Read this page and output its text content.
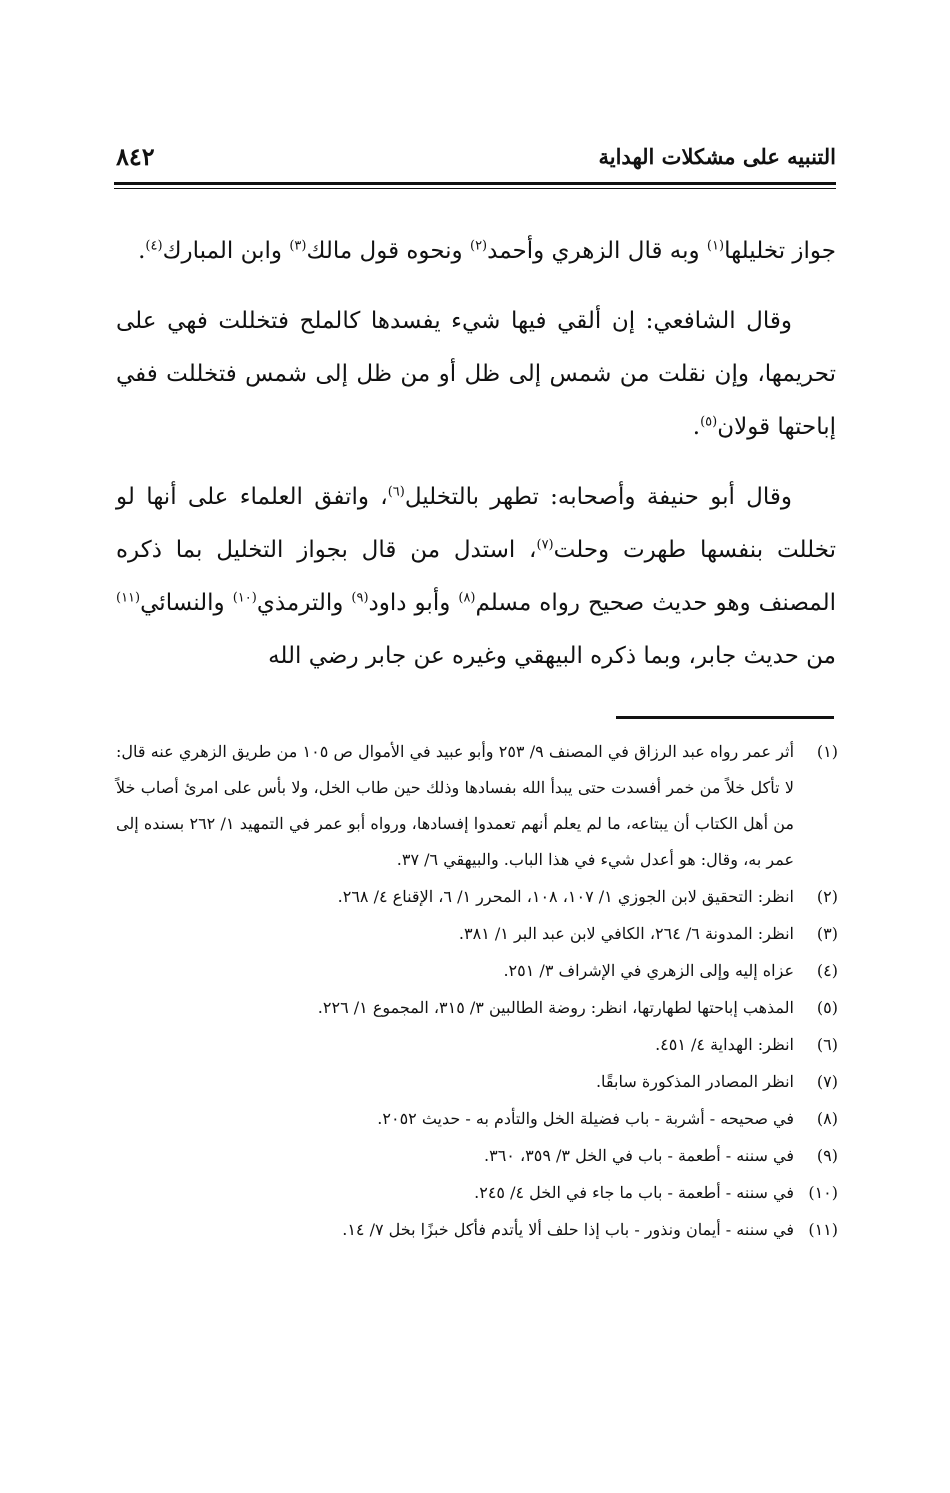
التنبيه على مشكلات الهداية
٨٤٢

جواز تخليلها$^{(١)}$ وبه قال الزهري وأحمد$^{(٢)}$ ونحوه قول مالك$^{(٣)}$ وابن المبارك$^{(٤)}$.

وقال الشافعي: إن ألقي فيها شيء يفسدها كالملح فتخللت فهي على تحريمها، وإن نقلت من شمس إلى ظل أو من ظل إلى شمس فتخللت ففي إباحتها قولان$^{(٥)}$.

وقال أبو حنيفة وأصحابه: تطهر بالتخليل$^{(٦)}$، واتفق العلماء على أنها لو تخللت بنفسها طهرت وحلت$^{(٧)}$، استدل من قال بجواز التخليل بما ذكره المصنف وهو حديث صحيح رواه مسلم$^{(٨)}$ وأبو داود$^{(٩)}$ والترمذي$^{(١٠)}$ والنسائي$^{(١١)}$ من حديث جابر، وبما ذكره البيهقي وغيره عن جابر رضي الله

(١)
أثر عمر رواه عبد الرزاق في المصنف ٩/ ٢٥٣ وأبو عبيد في الأموال ص ١٠٥ من طريق الزهري عنه قال: لا تأكل خلاً من خمر أفسدت حتى يبدأ الله بفسادها وذلك حين طاب الخل، ولا بأس على امرئ أصاب خلاً من أهل الكتاب أن يبتاعه، ما لم يعلم أنهم تعمدوا إفسادها، ورواه أبو عمر في التمهيد ١/ ٢٦٢ بسنده إلى عمر به، وقال: هو أعدل شيء في هذا الباب. والبيهقي ٦/ ٣٧.
(٢)
انظر: التحقيق لابن الجوزي ١/ ١٠٧، ١٠٨، المحرر ١/ ٦، الإقناع ٤/ ٢٦٨.
(٣)
انظر: المدونة ٦/ ٢٦٤، الكافي لابن عبد البر ١/ ٣٨١.
(٤)
عزاه إليه وإلى الزهري في الإشراف ٣/ ٢٥١.
(٥)
المذهب إباحتها لطهارتها، انظر: روضة الطالبين ٣/ ٣١٥، المجموع ١/ ٢٢٦.
(٦)
انظر: الهداية ٤/ ٤٥١.
(٧)
انظر المصادر المذكورة سابقًا.
(٨)
في صحيحه - أشربة - باب فضيلة الخل والتأدم به - حديث ٢٠٥٢.
(٩)
في سننه - أطعمة - باب في الخل ٣/ ٣٥٩، ٣٦٠.
(١٠)
في سننه - أطعمة - باب ما جاء في الخل ٤/ ٢٤٥.
(١١)
في سننه - أيمان ونذور - باب إذا حلف ألا يأتدم فأكل خبزًا بخل ٧/ ١٤.
